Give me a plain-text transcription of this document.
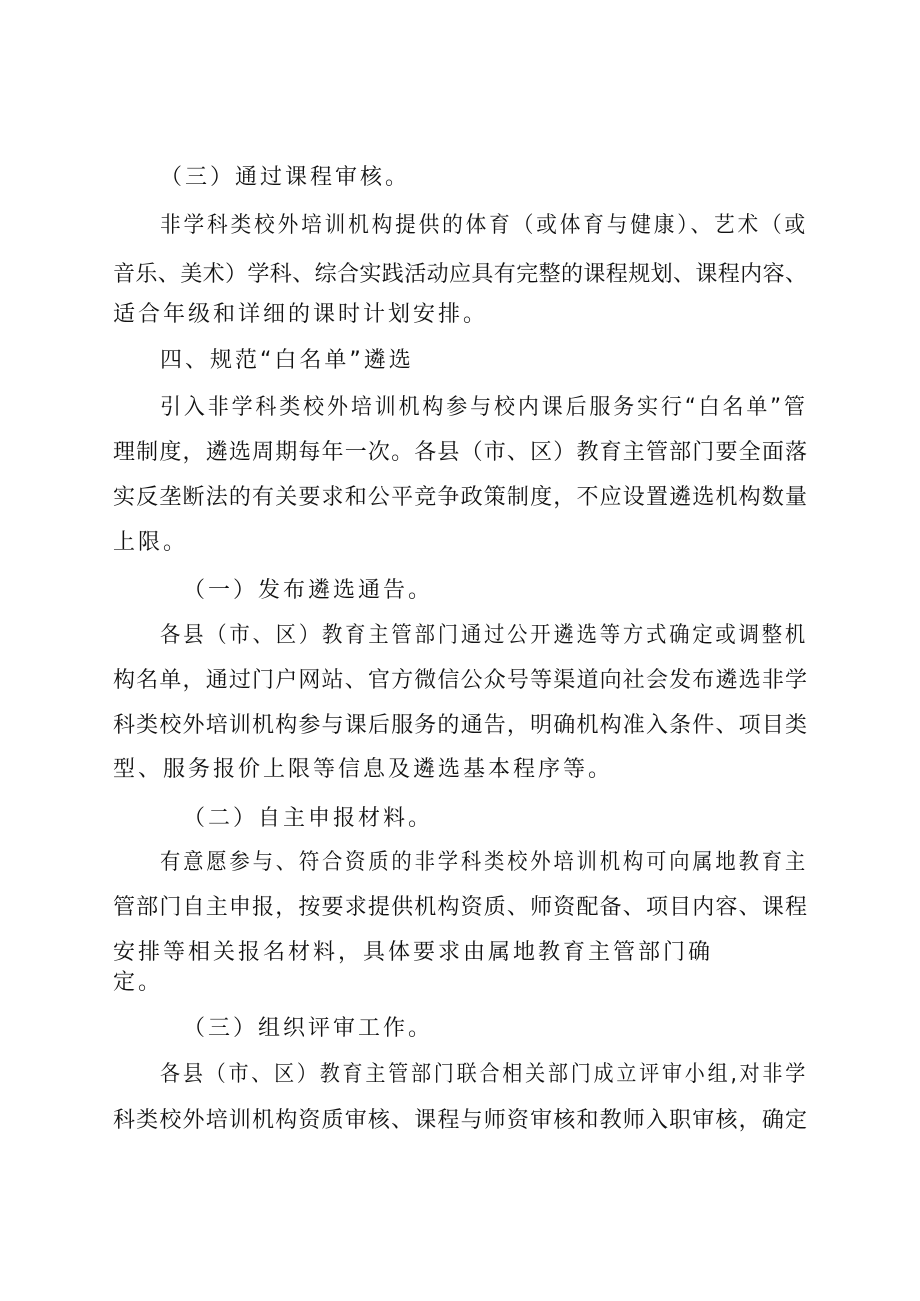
（三）通过课程审核。
非学科类校外培训机构提供的体育（或体育与健康）、艺术（或
音乐、美术）学科、综合实践活动应具有完整的课程规划、课程内容、
适合年级和详细的课时计划安排。
四、规范“白名单”遴选
引入非学科类校外培训机构参与校内课后服务实行“白名单”管
理制度，遴选周期每年一次。各县（市、区）教育主管部门要全面落
实反垄断法的有关要求和公平竞争政策制度，不应设置遴选机构数量
上限。
（一）发布遴选通告。
各县（市、区）教育主管部门通过公开遴选等方式确定或调整机
构名单，通过门户网站、官方微信公众号等渠道向社会发布遴选非学
科类校外培训机构参与课后服务的通告，明确机构准入条件、项目类
型、服务报价上限等信息及遴选基本程序等。
（二）自主申报材料。
有意愿参与、符合资质的非学科类校外培训机构可向属地教育主
管部门自主申报，按要求提供机构资质、师资配备、项目内容、课程
安排等相关报名材料，具体要求由属地教育主管部门确
定。
（三）组织评审工作。
各县（市、区）教育主管部门联合相关部门成立评审小组,对非学
科类校外培训机构资质审核、课程与师资审核和教师入职审核，确定
